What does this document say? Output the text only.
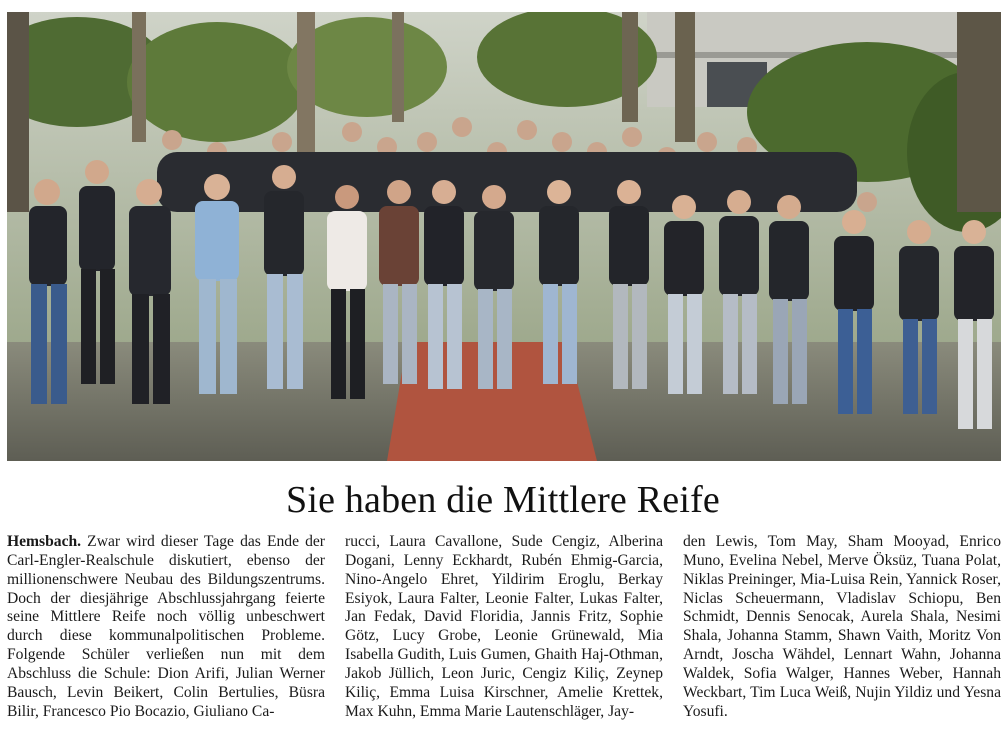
Sie haben die Mittlere Reife
Hemsbach. Zwar wird dieser Tage das Ende der Carl-Engler-Realschule diskutiert, ebenso der millionenschwere Neubau des Bildungszentrums. Doch der diesjährige Abschlussjahrgang feierte seine Mittlere Reife noch völlig unbeschwert durch diese kommunalpolitischen Probleme. Folgende Schüler verließen nun mit dem Abschluss die Schule: Dion Arifi, Julian Werner Bausch, Levin Beikert, Colin Bertulies, Büsra Bilir, Francesco Pio Bocazio, Giuliano Ca-
rucci, Laura Cavallone, Sude Cengiz, Alberina Dogani, Lenny Eckhardt, Rubén Ehmig-Garcia, Nino-Angelo Ehret, Yildirim Eroglu, Berkay Esiyok, Laura Falter, Leonie Falter, Lukas Falter, Jan Fedak, David Floridia, Jannis Fritz, Sophie Götz, Lucy Grobe, Leonie Grünewald, Mia Isabella Gudith, Luis Gumen, Ghaith Haj-Othman, Jakob Jüllich, Leon Juric, Cengiz Kiliç, Zeynep Kiliç, Emma Luisa Kirschner, Amelie Krettek, Max Kuhn, Emma Marie Lautenschläger, Jay-
den Lewis, Tom May, Sham Mooyad, Enrico Muno, Evelina Nebel, Merve Öksüz, Tuana Polat, Niklas Preininger, Mia-Luisa Rein, Yannick Roser, Niclas Scheuermann, Vladislav Schiopu, Ben Schmidt, Dennis Senocak, Aurela Shala, Nesimi Shala, Johanna Stamm, Shawn Vaith, Moritz Von Arndt, Joscha Wähdel, Lennart Wahn, Johanna Waldek, Sofia Walger, Hannes Weber, Hannah Weckbart, Tim Luca Weiß, Nujin Yildiz und Yesna Yosufi.
